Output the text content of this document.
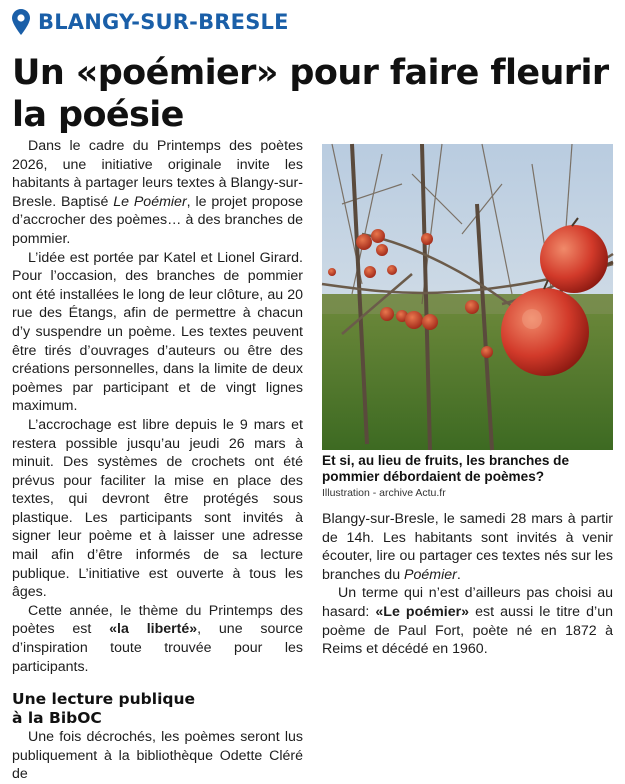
BLANGY-SUR-BRESLE
Un «poémier» pour faire fleurir la poésie

Dans le cadre du Printemps des poètes 2026, une initiative originale invite les habitants à partager leurs textes à Blangy-sur-Bresle. Baptisé Le Poémier, le projet propose d’accrocher des poèmes… à des branches de pommier.

L’idée est portée par Katel et Lionel Girard. Pour l’occasion, des branches de pommier ont été installées le long de leur clôture, au 20 rue des Étangs, afin de permettre à chacun d’y suspendre un poème. Les textes peuvent être tirés d’ouvrages d’auteurs ou être des créations personnelles, dans la limite de deux poèmes par participant et de vingt lignes maximum.

L’accrochage est libre depuis le 9 mars et restera possible jusqu’au jeudi 26 mars à minuit. Des systèmes de crochets ont été prévus pour faciliter la mise en place des textes, qui devront être protégés sous plastique. Les participants sont invités à signer leur poème et à laisser une adresse mail afin d’être informés de sa lecture publique. L’initiative est ouverte à tous les âges.

Cette année, le thème du Printemps des poètes est «la liberté», une source d’inspiration toute trouvée pour les participants.

Une lecture publique
à la BibOC

Une fois décrochés, les poèmes seront lus publiquement à la bibliothèque Odette Cléré de

Et si, au lieu de fruits, les branches de pommier débordaient de poèmes?
Illustration - archive Actu.fr

Blangy-sur-Bresle, le samedi 28 mars à partir de 14h. Les habitants sont invités à venir écouter, lire ou partager ces textes nés sur les branches du Poémier.

Un terme qui n’est d’ailleurs pas choisi au hasard: «Le poémier» est aussi le titre d’un poème de Paul Fort, poète né en 1872 à Reims et décédé en 1960.
